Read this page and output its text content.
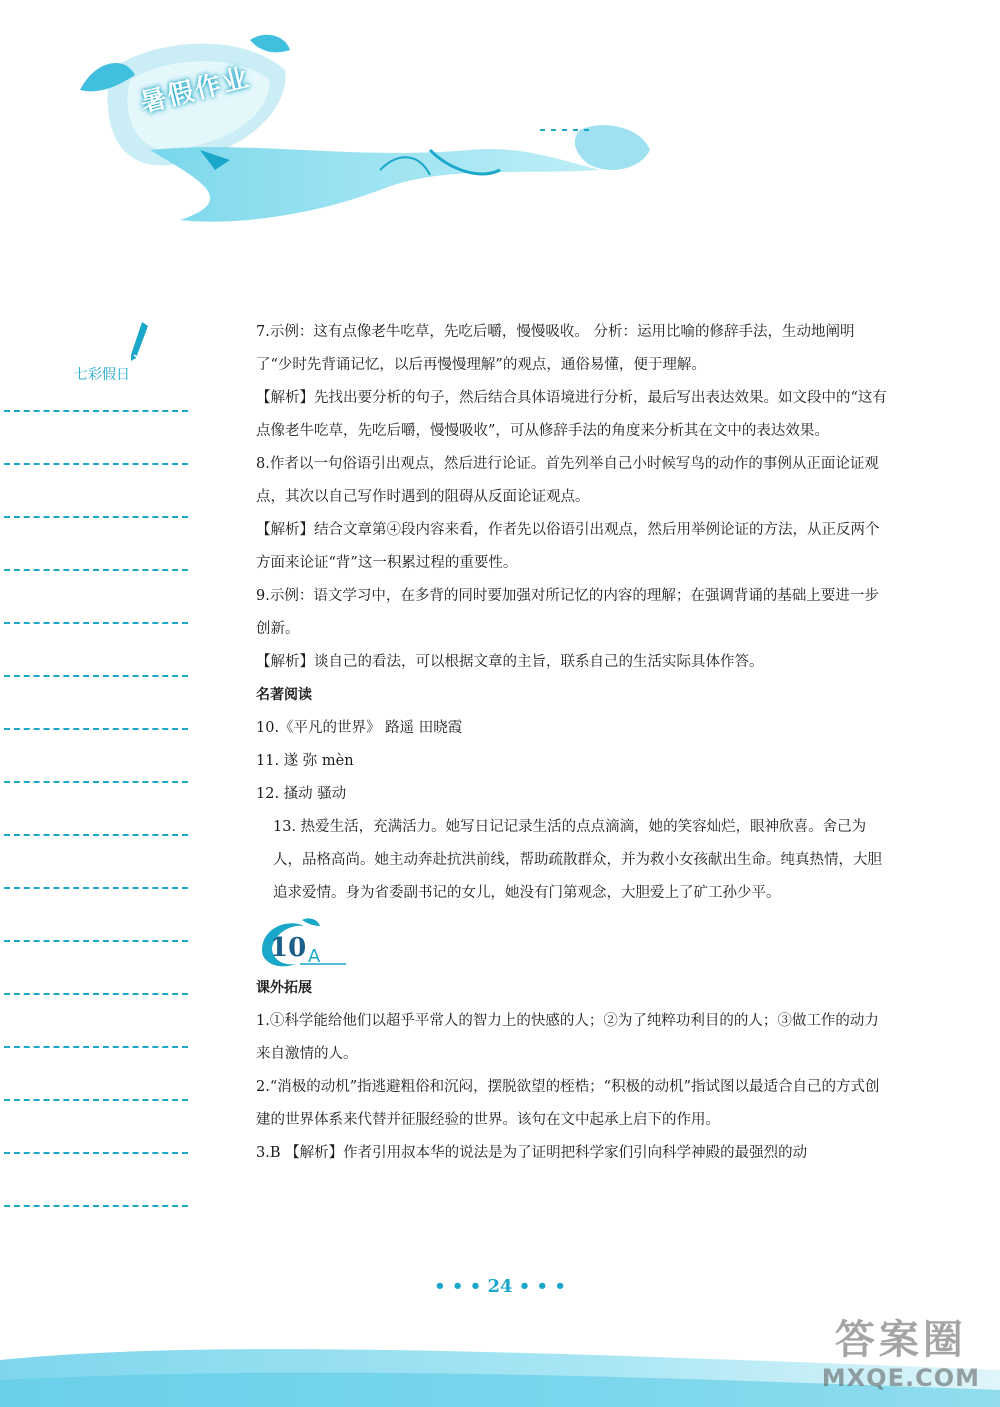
暑假作业
七彩假日

7.示例：这有点像老牛吃草，先吃后嚼，慢慢吸收。 分析：运用比喻的修辞手法，生动地阐明了“少时先背诵记忆，以后再慢慢理解”的观点，通俗易懂，便于理解。

【解析】先找出要分析的句子，然后结合具体语境进行分析，最后写出表达效果。如文段中的“这有点像老牛吃草，先吃后嚼，慢慢吸收”，可从修辞手法的角度来分析其在文中的表达效果。

8.作者以一句俗语引出观点，然后进行论证。首先列举自己小时候写鸟的动作的事例从正面论证观点，其次以自己写作时遇到的阻碍从反面论证观点。

【解析】结合文章第④段内容来看，作者先以俗语引出观点，然后用举例论证的方法，从正反两个方面来论证“背”这一积累过程的重要性。

9.示例：语文学习中，在多背的同时要加强对所记忆的内容的理解；在强调背诵的基础上要进一步创新。

【解析】谈自己的看法，可以根据文章的主旨，联系自己的生活实际具体作答。

名著阅读

10.《平凡的世界》 路遥 田晓霞

11. 遂 弥 mèn

12. 搔动 骚动

13. 热爱生活，充满活力。她写日记记录生活的点点滴滴，她的笑容灿烂，眼神欣喜。舍己为人，品格高尚。她主动奔赴抗洪前线，帮助疏散群众，并为救小女孩献出生命。纯真热情，大胆追求爱情。身为省委副书记的女儿，她没有门第观念，大胆爱上了矿工孙少平。

10 A

课外拓展

1.①科学能给他们以超乎平常人的智力上的快感的人；②为了纯粹功利目的的人；③做工作的动力来自激情的人。

2.“消极的动机”指逃避粗俗和沉闷，摆脱欲望的桎梏；“积极的动机”指试图以最适合自己的方式创建的世界体系来代替并征服经验的世界。该句在文中起承上启下的作用。

3.B 【解析】作者引用叔本华的说法是为了证明把科学家们引向科学神殿的最强烈的动

• • • 24 • • •
答案圈
MXQE.COM
